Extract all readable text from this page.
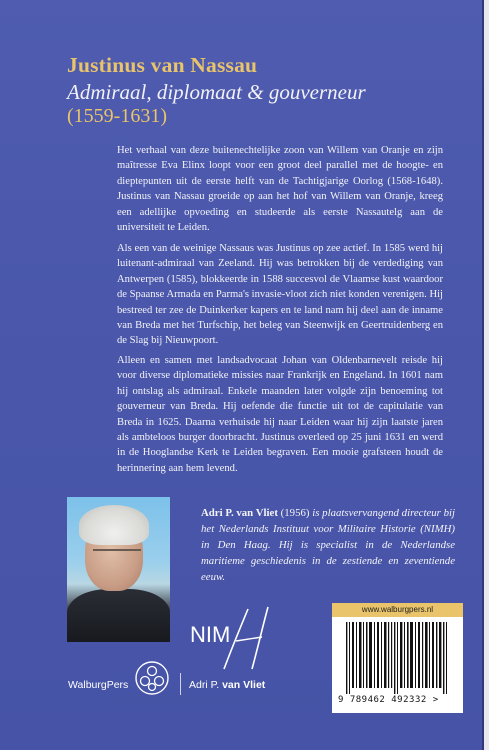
Justinus van Nassau
Admiraal, diplomaat & gouverneur
(1559-1631)
Het verhaal van deze buitenechtelijke zoon van Willem van Oranje en zijn maîtresse Eva Elinx loopt voor een groot deel parallel met de hoogte- en dieptepunten uit de eerste helft van de Tachtigjarige Oorlog (1568-1648). Justinus van Nassau groeide op aan het hof van Willem van Oranje, kreeg een adellijke opvoeding en studeerde als eerste Nassautelg aan de universiteit te Leiden.
Als een van de weinige Nassaus was Justinus op zee actief. In 1585 werd hij luitenant-admiraal van Zeeland. Hij was betrokken bij de verdediging van Antwerpen (1585), blokkeerde in 1588 succesvol de Vlaamse kust waardoor de Spaanse Armada en Parma's invasie-vloot zich niet konden verenigen. Hij bestreed ter zee de Duinkerker kapers en te land nam hij deel aan de inname van Breda met het Turfschip, het beleg van Steenwijk en Geertruidenberg en de Slag bij Nieuwpoort.
Alleen en samen met landsadvocaat Johan van Oldenbarnevelt reisde hij voor diverse diplomatieke missies naar Frankrijk en Engeland. In 1601 nam hij ontslag als admiraal. Enkele maanden later volgde zijn benoeming tot gouverneur van Breda. Hij oefende die functie uit tot de capitulatie van Breda in 1625. Daarna verhuisde hij naar Leiden waar hij zijn laatste jaren als ambteloos burger doorbracht. Justinus overleed op 25 juni 1631 en werd in de Hooglandse Kerk te Leiden begraven. Een mooie grafsteen houdt de herinnering aan hem levend.
Adri P. van Vliet (1956) is plaatsvervangend directeur bij het Nederlands Instituut voor Militaire Historie (NIMH) in Den Haag. Hij is specialist in de Nederlandse maritieme geschiedenis in de zestiende en zeventiende eeuw.
NIM
www.walburgpers.nl
9 789462 492332 >
WalburgPers	Adri P. van Vliet
